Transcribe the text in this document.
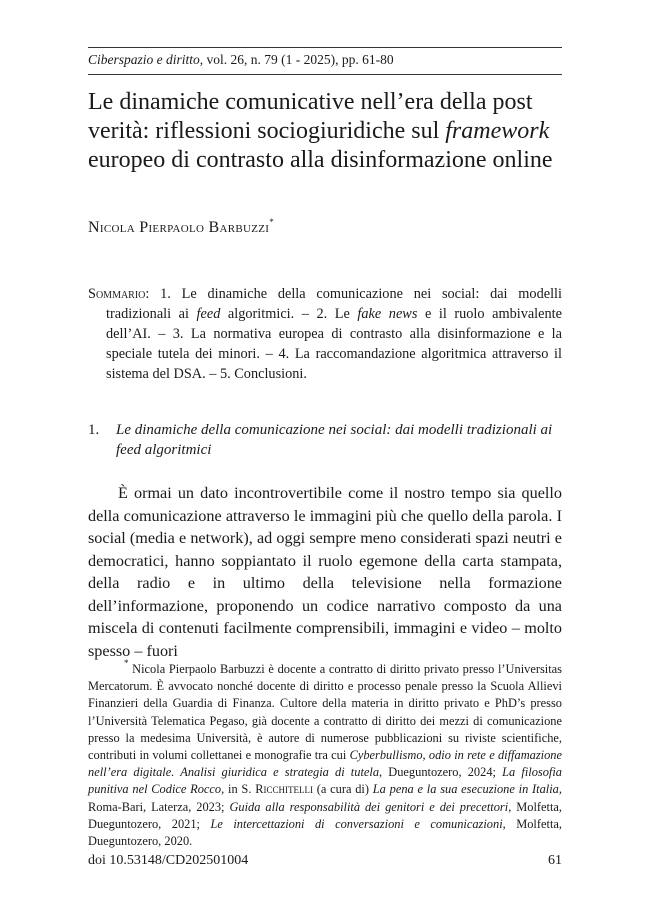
Ciberspazio e diritto, vol. 26, n. 79 (1 - 2025), pp. 61-80
Le dinamiche comunicative nell’era della post verità: riflessioni sociogiuridiche sul framework europeo di contrasto alla disinformazione online
Nicola Pierpaolo Barbuzzi*
Sommario: 1. Le dinamiche della comunicazione nei social: dai modelli tradizionali ai feed algoritmici. – 2. Le fake news e il ruolo ambivalente dell’AI. – 3. La normativa europea di contrasto alla disinformazione e la speciale tutela dei minori. – 4. La raccomandazione algoritmica attraverso il sistema del DSA. – 5. Conclusioni.
1.	Le dinamiche della comunicazione nei social: dai modelli tradizionali ai feed algoritmici

È ormai un dato incontrovertibile come il nostro tempo sia quello della comunicazione attraverso le immagini più che quello della parola. I social (media e network), ad oggi sempre meno considerati spazi neutri e democratici, hanno soppiantato il ruolo egemone della carta stampata, della radio e in ultimo della televisione nella formazione dell’informazione, proponendo un codice narrativo composto da una miscela di contenuti facilmente comprensibili, immagini e video – molto spesso – fuori

* Nicola Pierpaolo Barbuzzi è docente a contratto di diritto privato presso l’Universitas Mercatorum. È avvocato nonché docente di diritto e processo penale presso la Scuola Allievi Finanzieri della Guardia di Finanza. Cultore della materia in diritto privato e PhD’s presso l’Università Telematica Pegaso, già docente a contratto di diritto dei mezzi di comunicazione presso la medesima Università, è autore di numerose pubblicazioni su riviste scientifiche, contributi in volumi collettanei e monografie tra cui Cyberbullismo, odio in rete e diffamazione nell’era digitale. Analisi giuridica e strategia di tutela, Dueguntozero, 2024; La filosofia punitiva nel Codice Rocco, in S. Ricchitelli (a cura di) La pena e la sua esecuzione in Italia, Roma-Bari, Laterza, 2023; Guida alla responsabilità dei genitori e dei precettori, Molfetta, Dueguntozero, 2021; Le intercettazioni di conversazioni e comunicazioni, Molfetta, Dueguntozero, 2020.

doi 10.53148/CD202501004	61
